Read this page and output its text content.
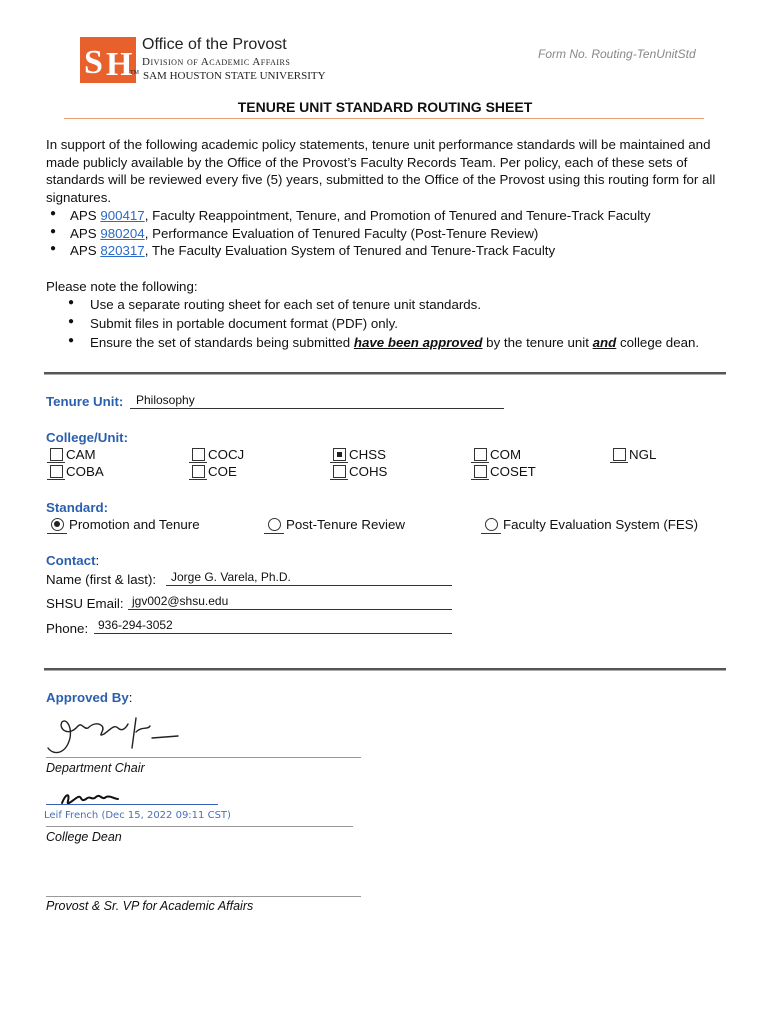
S H
Office of the Provost
Division of Academic Affairs
™ SAM HOUSTON STATE UNIVERSITY
Form No. Routing-TenUnitStd
TENURE UNIT STANDARD ROUTING SHEET
In support of the following academic policy statements, tenure unit performance standards will be maintained and made publicly available by the Office of the Provost’s Faculty Records Team. Per policy, each of these sets of standards will be reviewed every five (5) years, submitted to the Office of the Provost using this routing form for all signatures.
● APS 900417, Faculty Reappointment, Tenure, and Promotion of Tenured and Tenure-Track Faculty
● APS 980204, Performance Evaluation of Tenured Faculty (Post-Tenure Review)
● APS 820317, The Faculty Evaluation System of Tenured and Tenure-Track Faculty
Please note the following:
● Use a separate routing sheet for each set of tenure unit standards.
● Submit files in portable document format (PDF) only.
● Ensure the set of standards being submitted have been approved by the tenure unit and college dean.
Tenure Unit: Philosophy
College/Unit:
CAM
COBA
COCJ
COE
CHSS
COHS
COM
COSET
NGL
Standard:
Promotion and Tenure	Post-Tenure Review	Faculty Evaluation System (FES)
Contact:
Name (first & last): Jorge G. Varela, Ph.D.
SHSU Email: jgv002@shsu.edu
Phone: 936-294-3052
Approved By:
Department Chair
Leif French (Dec 15, 2022 09:11 CST)
College Dean
Provost & Sr. VP for Academic Affairs
